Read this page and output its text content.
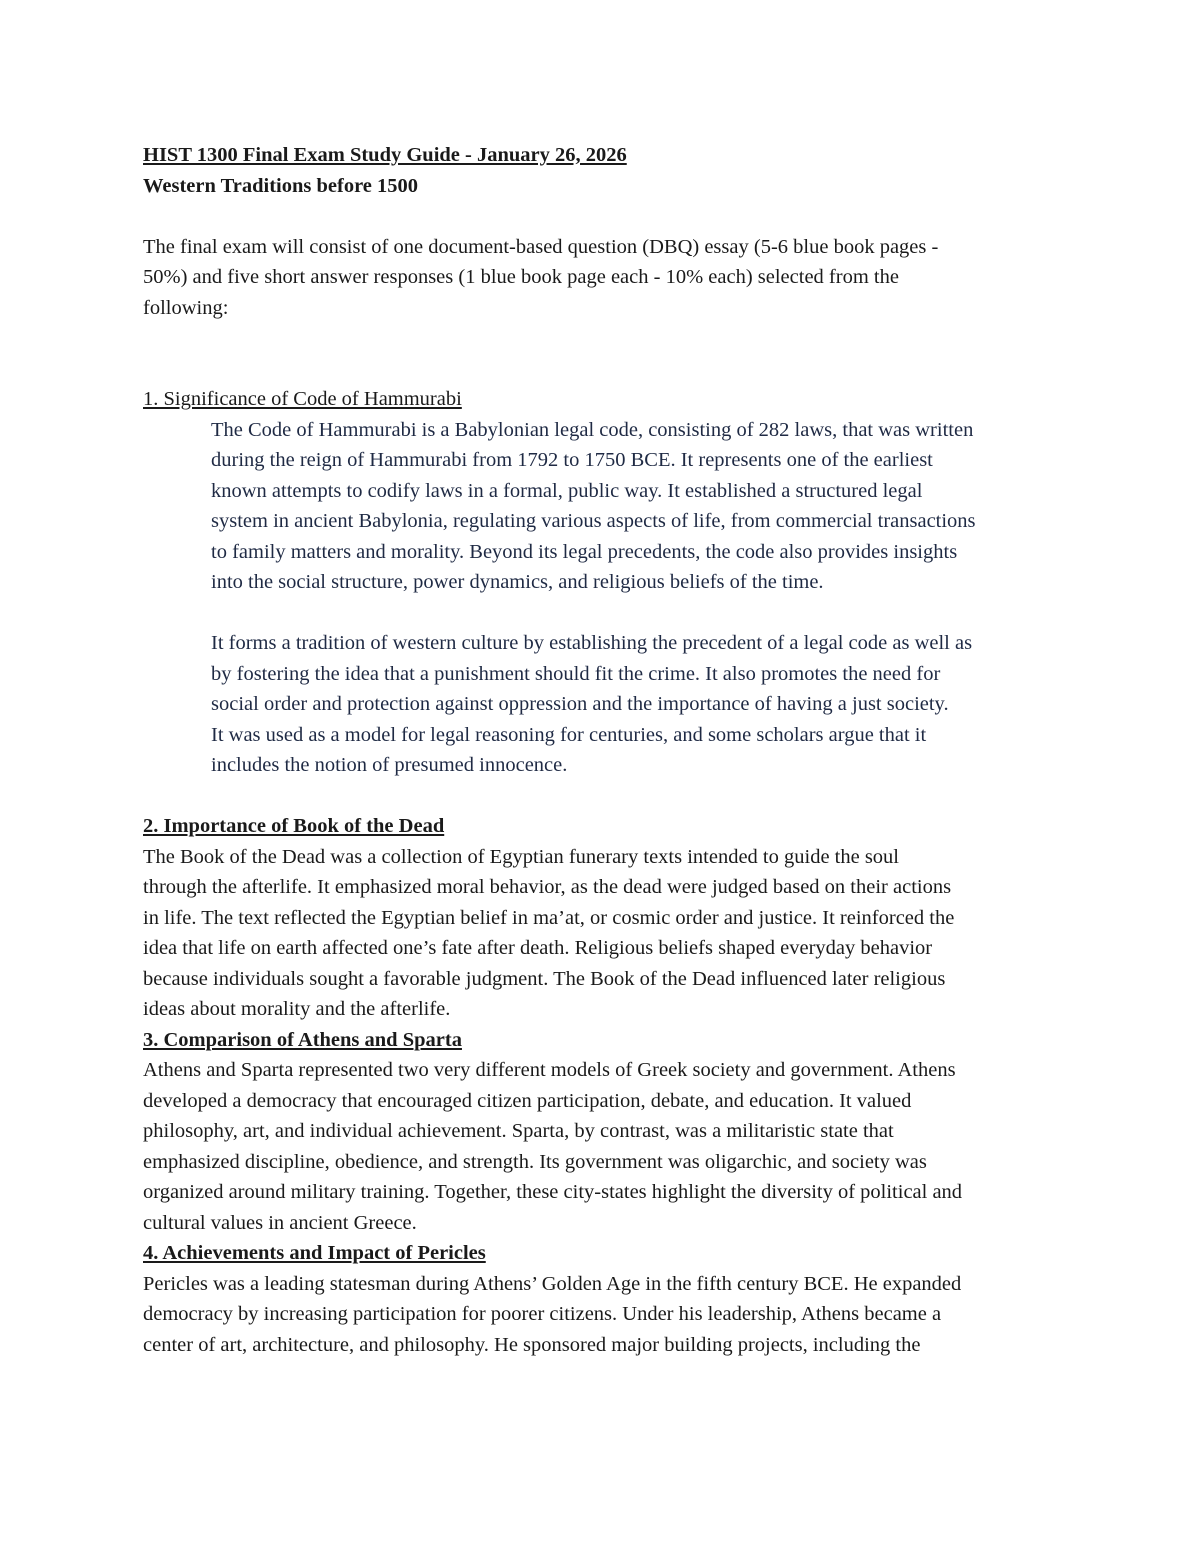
HIST 1300 Final Exam Study Guide - January 26, 2026
Western Traditions before 1500
The final exam will consist of one document-based question (DBQ) essay (5-6 blue book pages -
50%) and five short answer responses (1 blue book page each - 10% each) selected from the
following:
1. Significance of Code of Hammurabi
The Code of Hammurabi is a Babylonian legal code, consisting of 282 laws, that was written
during the reign of Hammurabi from 1792 to 1750 BCE. It represents one of the earliest
known attempts to codify laws in a formal, public way. It established a structured legal
system in ancient Babylonia, regulating various aspects of life, from commercial transactions
to family matters and morality. Beyond its legal precedents, the code also provides insights
into the social structure, power dynamics, and religious beliefs of the time.
It forms a tradition of western culture by establishing the precedent of a legal code as well as
by fostering the idea that a punishment should fit the crime. It also promotes the need for
social order and protection against oppression and the importance of having a just society.
It was used as a model for legal reasoning for centuries, and some scholars argue that it
includes the notion of presumed innocence.
2. Importance of Book of the Dead
The Book of the Dead was a collection of Egyptian funerary texts intended to guide the soul
through the afterlife. It emphasized moral behavior, as the dead were judged based on their actions
in life. The text reflected the Egyptian belief in ma’at, or cosmic order and justice. It reinforced the
idea that life on earth affected one’s fate after death. Religious beliefs shaped everyday behavior
because individuals sought a favorable judgment. The Book of the Dead influenced later religious
ideas about morality and the afterlife.
3. Comparison of Athens and Sparta
Athens and Sparta represented two very different models of Greek society and government. Athens
developed a democracy that encouraged citizen participation, debate, and education. It valued
philosophy, art, and individual achievement. Sparta, by contrast, was a militaristic state that
emphasized discipline, obedience, and strength. Its government was oligarchic, and society was
organized around military training. Together, these city-states highlight the diversity of political and
cultural values in ancient Greece.
4. Achievements and Impact of Pericles
Pericles was a leading statesman during Athens’ Golden Age in the fifth century BCE. He expanded
democracy by increasing participation for poorer citizens. Under his leadership, Athens became a
center of art, architecture, and philosophy. He sponsored major building projects, including the
